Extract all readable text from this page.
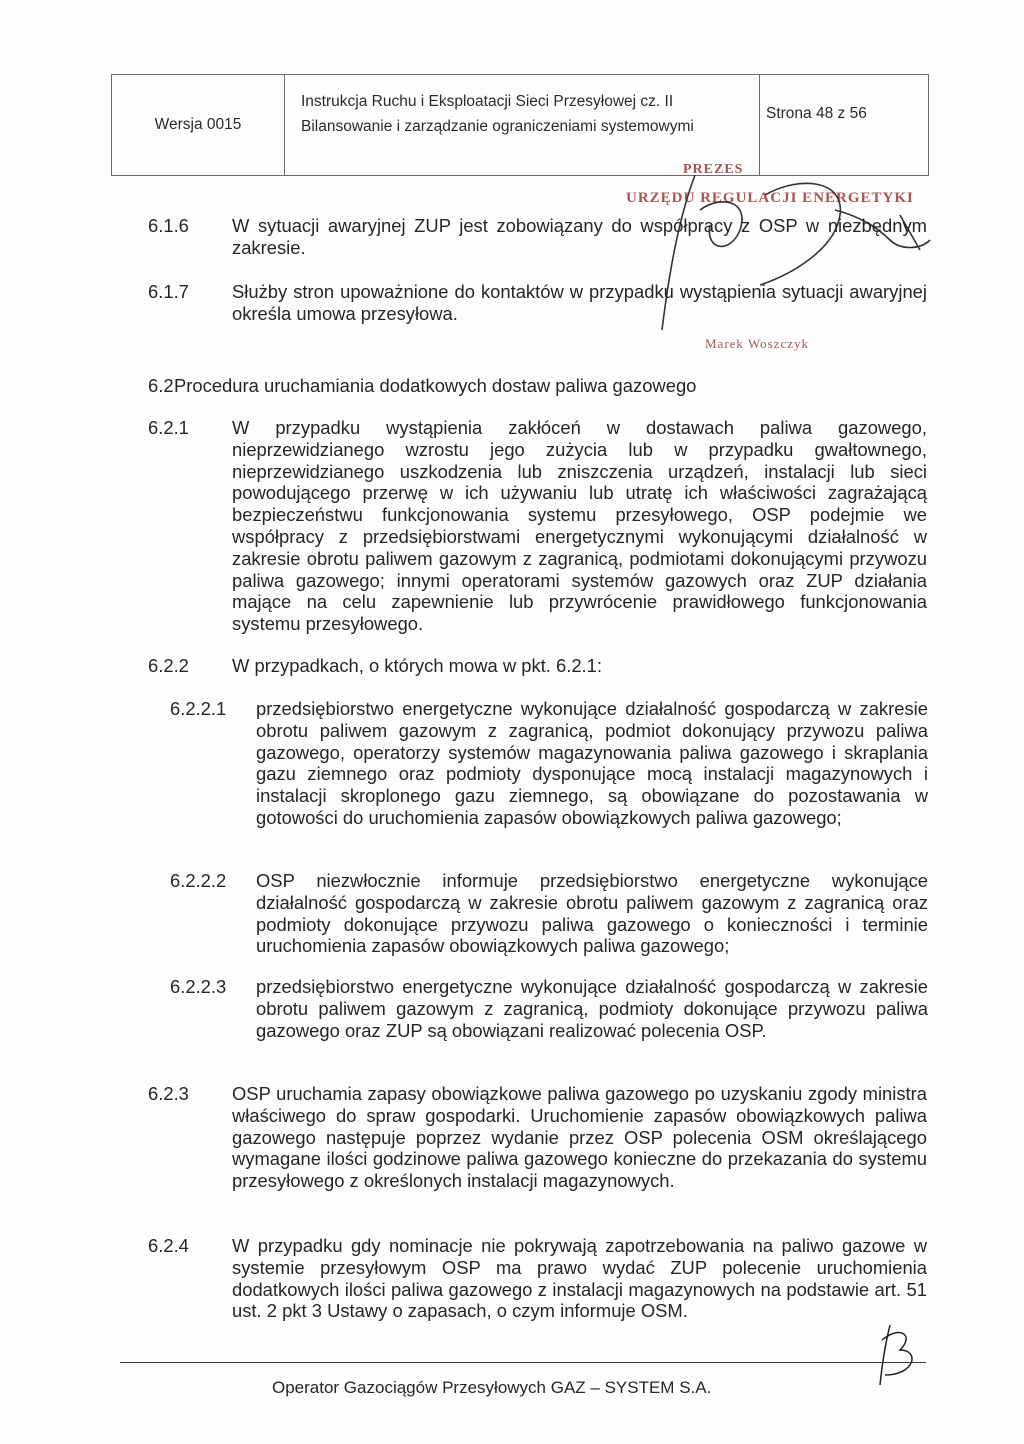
Wersja 0015
Instrukcja Ruchu i Eksploatacji Sieci Przesyłowej cz. II
Bilansowanie i zarządzanie ograniczeniami systemowymi
Strona 48 z 56
PREZES
URZĘDU REGULACJI ENERGETYKI
Marek Woszczyk
6.1.6 W sytuacji awaryjnej ZUP jest zobowiązany do współpracy z OSP w niezbędnym zakresie.
6.1.7 Służby stron upoważnione do kontaktów w przypadku wystąpienia sytuacji awaryjnej określa umowa przesyłowa.
6.2 Procedura uruchamiania dodatkowych dostaw paliwa gazowego
6.2.1 W przypadku wystąpienia zakłóceń w dostawach paliwa gazowego, nieprzewidzianego wzrostu jego zużycia lub w przypadku gwałtownego, nieprzewidzianego uszkodzenia lub zniszczenia urządzeń, instalacji lub sieci powodującego przerwę w ich używaniu lub utratę ich właściwości zagrażającą bezpieczeństwu funkcjonowania systemu przesyłowego, OSP podejmie we współpracy z przedsiębiorstwami energetycznymi wykonującymi działalność w zakresie obrotu paliwem gazowym z zagranicą, podmiotami dokonującymi przywozu paliwa gazowego; innymi operatorami systemów gazowych oraz ZUP działania mające na celu zapewnienie lub przywrócenie prawidłowego funkcjonowania systemu przesyłowego.
6.2.2 W przypadkach, o których mowa w pkt. 6.2.1:
6.2.2.1 przedsiębiorstwo energetyczne wykonujące działalność gospodarczą w zakresie obrotu paliwem gazowym z zagranicą, podmiot dokonujący przywozu paliwa gazowego, operatorzy systemów magazynowania paliwa gazowego i skraplania gazu ziemnego oraz podmioty dysponujące mocą instalacji magazynowych i instalacji skroplonego gazu ziemnego, są obowiązane do pozostawania w gotowości do uruchomienia zapasów obowiązkowych paliwa gazowego;
6.2.2.2 OSP niezwłocznie informuje przedsiębiorstwo energetyczne wykonujące działalność gospodarczą w zakresie obrotu paliwem gazowym z zagranicą oraz podmioty dokonujące przywozu paliwa gazowego o konieczności i terminie uruchomienia zapasów obowiązkowych paliwa gazowego;
6.2.2.3 przedsiębiorstwo energetyczne wykonujące działalność gospodarczą w zakresie obrotu paliwem gazowym z zagranicą, podmioty dokonujące przywozu paliwa gazowego oraz ZUP są obowiązani realizować polecenia OSP.
6.2.3 OSP uruchamia zapasy obowiązkowe paliwa gazowego po uzyskaniu zgody ministra właściwego do spraw gospodarki. Uruchomienie zapasów obowiązkowych paliwa gazowego następuje poprzez wydanie przez OSP polecenia OSM określającego wymagane ilości godzinowe paliwa gazowego konieczne do przekazania do systemu przesyłowego z określonych instalacji magazynowych.
6.2.4 W przypadku gdy nominacje nie pokrywają zapotrzebowania na paliwo gazowe w systemie przesyłowym OSP ma prawo wydać ZUP polecenie uruchomienia dodatkowych ilości paliwa gazowego z instalacji magazynowych na podstawie art. 51 ust. 2 pkt 3 Ustawy o zapasach, o czym informuje OSM.
Operator Gazociągów Przesyłowych GAZ – SYSTEM S.A.
